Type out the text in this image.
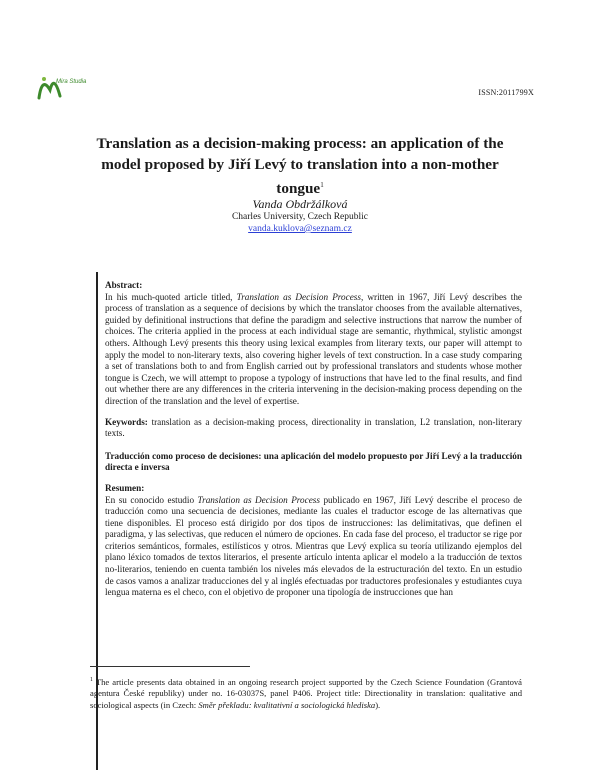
Mira Studia
ISSN:2011799X
Translation as a decision-making process: an application of the model proposed by Jiří Levý to translation into a non-mother tongue$^1$
Vanda Obdržálková
Charles University, Czech Republic
vanda.kuklova@seznam.cz

Abstract:

In his much-quoted article titled, Translation as Decision Process, written in 1967, Jiří Levý describes the process of translation as a sequence of decisions by which the translator chooses from the available alternatives, guided by definitional instructions that define the paradigm and selective instructions that narrow the number of choices. The criteria applied in the process at each individual stage are semantic, rhythmical, stylistic amongst others. Although Levý presents this theory using lexical examples from literary texts, our paper will attempt to apply the model to non-literary texts, also covering higher levels of text construction. In a case study comparing a set of translations both to and from English carried out by professional translators and students whose mother tongue is Czech, we will attempt to propose a typology of instructions that have led to the final results, and find out whether there are any differences in the criteria intervening in the decision-making process depending on the direction of the translation and the level of expertise.

Keywords: translation as a decision-making process, directionality in translation, L2 translation, non-literary texts.

Traducción como proceso de decisiones: una aplicación del modelo propuesto por Jiří Levý a la traducción directa e inversa

Resumen:

En su conocido estudio Translation as Decision Process publicado en 1967, Jiří Levý describe el proceso de traducción como una secuencia de decisiones, mediante las cuales el traductor escoge de las alternativas que tiene disponibles. El proceso está dirigido por dos tipos de instrucciones: las delimitativas, que definen el paradigma, y las selectivas, que reducen el número de opciones. En cada fase del proceso, el traductor se rige por criterios semánticos, formales, estilísticos y otros. Mientras que Levý explica su teoría utilizando ejemplos del plano léxico tomados de textos literarios, el presente artículo intenta aplicar el modelo a la traducción de textos no-literarios, teniendo en cuenta también los niveles más elevados de la estructuración del texto. En un estudio de casos vamos a analizar traducciones del y al inglés efectuadas por traductores profesionales y estudiantes cuya lengua materna es el checo, con el objetivo de proponer una tipología de instrucciones que han

$^1$ The article presents data obtained in an ongoing research project supported by the Czech Science Foundation (Grantová agentura České republiky) under no. 16-03037S, panel P406. Project title: Directionality in translation: qualitative and sociological aspects (in Czech: Směr překladu: kvalitativní a sociologická hlediska).
